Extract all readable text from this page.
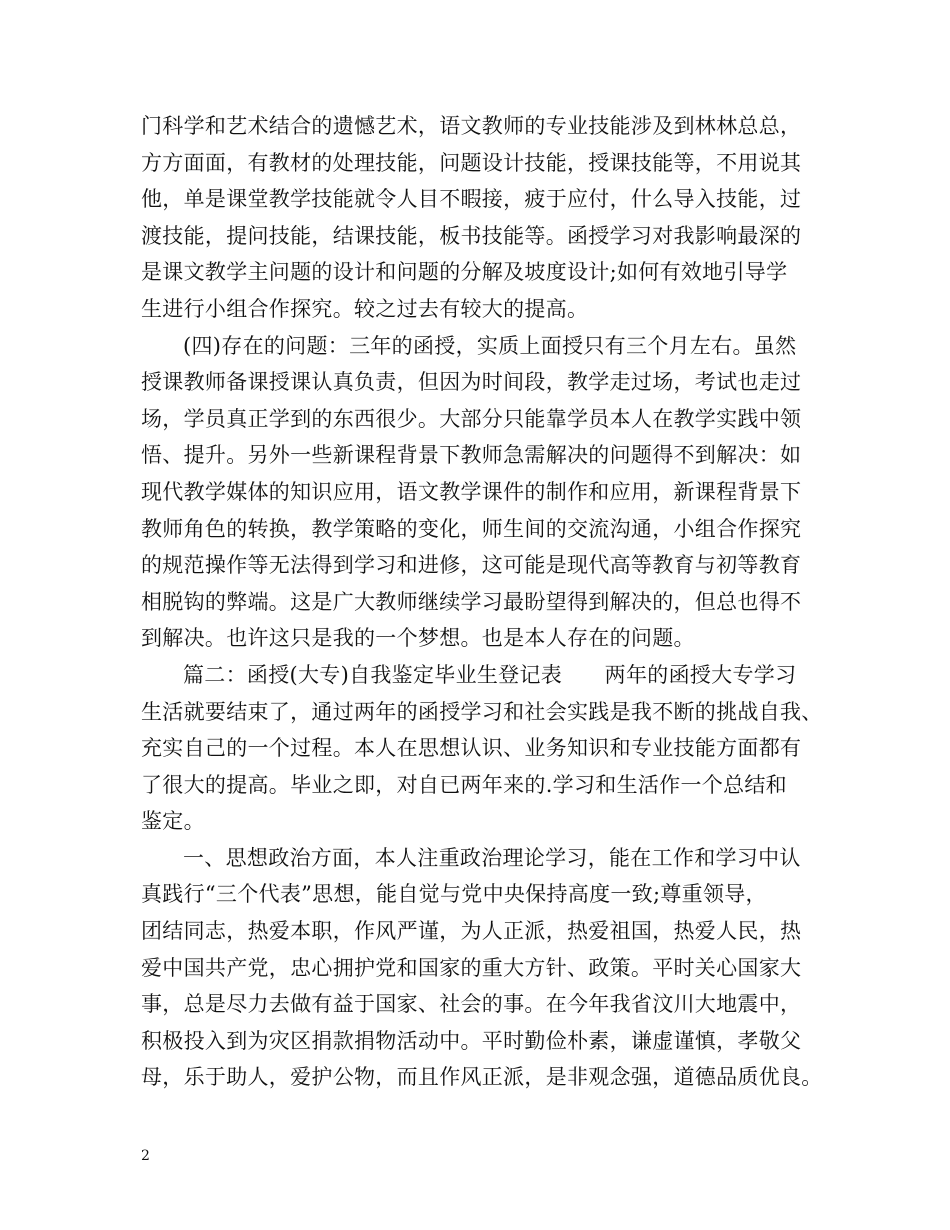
门科学和艺术结合的遗憾艺术，语文教师的专业技能涉及到林林总总，
方方面面，有教材的处理技能，问题设计技能，授课技能等，不用说其
他，单是课堂教学技能就令人目不暇接，疲于应付，什么导入技能，过
渡技能，提问技能，结课技能，板书技能等。函授学习对我影响最深的
是课文教学主问题的设计和问题的分解及坡度设计;如何有效地引导学
生进行小组合作探究。较之过去有较大的提高。
(四)存在的问题：三年的函授，实质上面授只有三个月左右。虽然
授课教师备课授课认真负责，但因为时间段，教学走过场，考试也走过
场，学员真正学到的东西很少。大部分只能靠学员本人在教学实践中领
悟、提升。另外一些新课程背景下教师急需解决的问题得不到解决：如
现代教学媒体的知识应用，语文教学课件的制作和应用，新课程背景下
教师角色的转换，教学策略的变化，师生间的交流沟通，小组合作探究
的规范操作等无法得到学习和进修，这可能是现代高等教育与初等教育
相脱钩的弊端。这是广大教师继续学习最盼望得到解决的，但总也得不
到解决。也许这只是我的一个梦想。也是本人存在的问题。
篇二：函授(大专)自我鉴定毕业生登记表　　两年的函授大专学习
生活就要结束了，通过两年的函授学习和社会实践是我不断的挑战自我、
充实自己的一个过程。本人在思想认识、业务知识和专业技能方面都有
了很大的提高。毕业之即，对自已两年来的.学习和生活作一个总结和
鉴定。
一、思想政治方面，本人注重政治理论学习，能在工作和学习中认
真践行“三个代表”思想，能自觉与党中央保持高度一致;尊重领导，
团结同志，热爱本职，作风严谨，为人正派，热爱祖国，热爱人民，热
爱中国共产党，忠心拥护党和国家的重大方针、政策。平时关心国家大
事，总是尽力去做有益于国家、社会的事。在今年我省汶川大地震中，
积极投入到为灾区捐款捐物活动中。平时勤俭朴素，谦虚谨慎，孝敬父
母，乐于助人，爱护公物，而且作风正派，是非观念强，道德品质优良。
2
